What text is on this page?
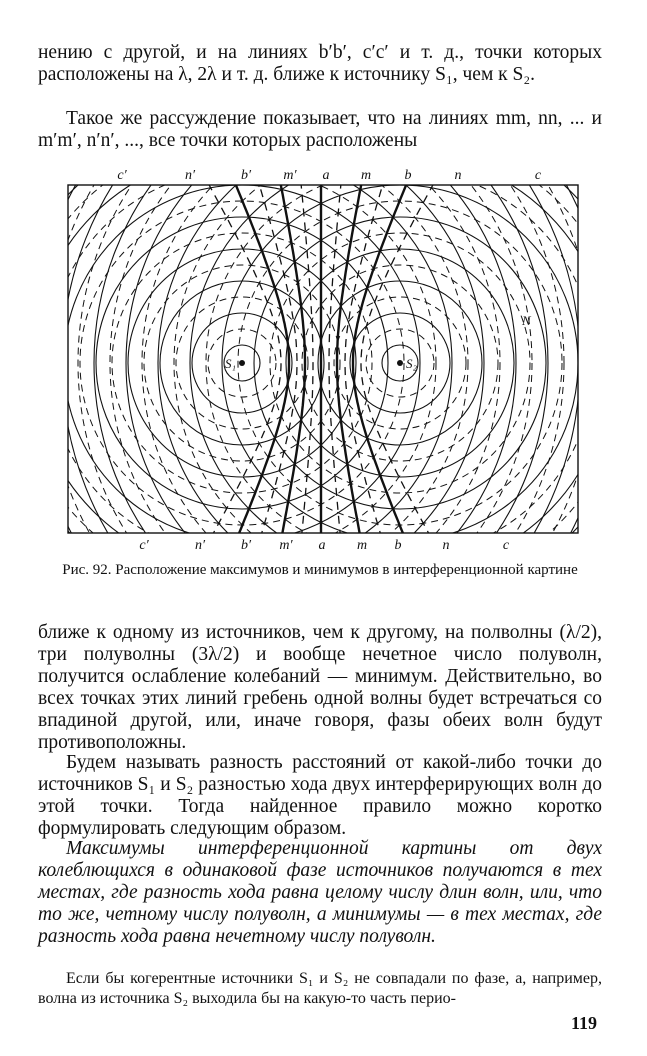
нению с другой, и на линиях b′b′, c′c′ и т. д., точки которых расположены на λ, 2λ и т. д. ближе к источнику S₁, чем к S₂.

Такое же рассуждение показывает, что на линиях mm, nn, ... и m′m′, n′n′, ..., все точки которых расположены

c′	n′	b′ m′ a m b	n	c
c′	n′	b′ m′ a m b	n	c
S₁	S₂
N

Рис. 92. Расположение максимумов и минимумов в интерференционной картине

ближе к одному из источников, чем к другому, на полволны (λ/2), три полуволны (3λ/2) и вообще нечетное число полуволн, получится ослабление колебаний — минимум. Действительно, во всех точках этих линий гребень одной волны будет встречаться со впадиной другой, или, иначе говоря, фазы обеих волн будут противоположны.

Будем называть разность расстояний от какой-либо точки до источников S₁ и S₂ разностью хода двух интерферирующих волн до этой точки. Тогда найденное правило можно коротко формулировать следующим образом.

Максимумы интерференционной картины от двух колеблющихся в одинаковой фазе источников получаются в тех местах, где разность хода равна целому числу длин волн, или, что то же, четному числу полуволн, а минимумы — в тех местах, где разность хода равна нечетному числу полуволн.

Если бы когерентные источники S₁ и S₂ не совпадали по фазе, а, например, волна из источника S₂ выходила бы на какую-то часть перио-

119
